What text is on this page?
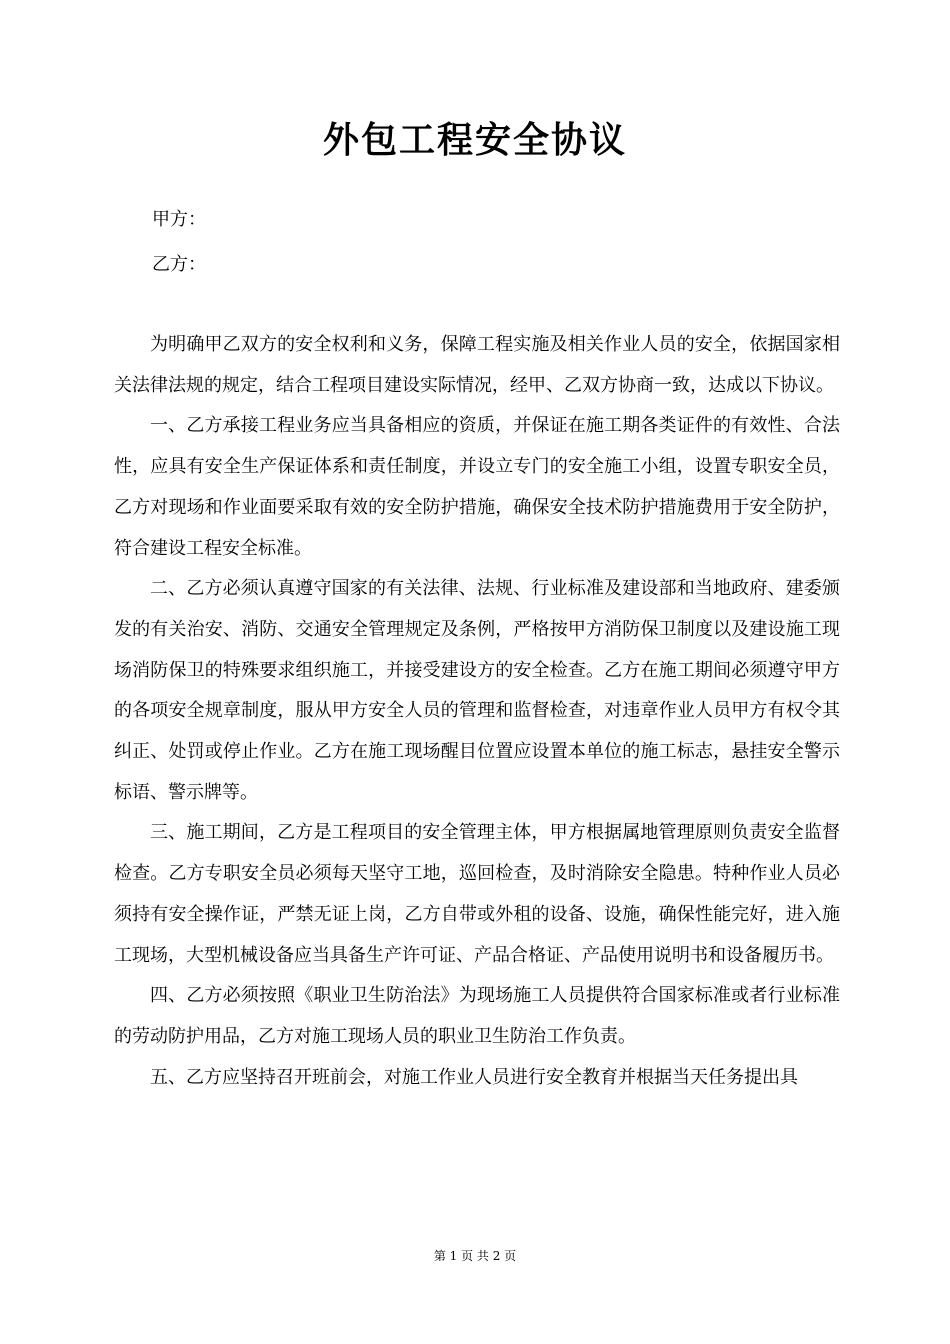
外包工程安全协议
甲方：
乙方：

为明确甲乙双方的安全权利和义务，保障工程实施及相关作业人员的安全，依据国家相关法律法规的规定，结合工程项目建设实际情况，经甲、乙双方协商一致，达成以下协议。

一、乙方承接工程业务应当具备相应的资质，并保证在施工期各类证件的有效性、合法性，应具有安全生产保证体系和责任制度，并设立专门的安全施工小组，设置专职安全员，乙方对现场和作业面要采取有效的安全防护措施，确保安全技术防护措施费用于安全防护，符合建设工程安全标准。

二、乙方必须认真遵守国家的有关法律、法规、行业标准及建设部和当地政府、建委颁发的有关治安、消防、交通安全管理规定及条例，严格按甲方消防保卫制度以及建设施工现场消防保卫的特殊要求组织施工，并接受建设方的安全检查。乙方在施工期间必须遵守甲方的各项安全规章制度，服从甲方安全人员的管理和监督检查，对违章作业人员甲方有权令其纠正、处罚或停止作业。乙方在施工现场醒目位置应设置本单位的施工标志，悬挂安全警示标语、警示牌等。

三、施工期间，乙方是工程项目的安全管理主体，甲方根据属地管理原则负责安全监督检查。乙方专职安全员必须每天坚守工地，巡回检查，及时消除安全隐患。特种作业人员必须持有安全操作证，严禁无证上岗，乙方自带或外租的设备、设施，确保性能完好，进入施工现场，大型机械设备应当具备生产许可证、产品合格证、产品使用说明书和设备履历书。

四、乙方必须按照《职业卫生防治法》为现场施工人员提供符合国家标准或者行业标准的劳动防护用品，乙方对施工现场人员的职业卫生防治工作负责。

五、乙方应坚持召开班前会，对施工作业人员进行安全教育并根据当天任务提出具

第 1 页 共 2 页
